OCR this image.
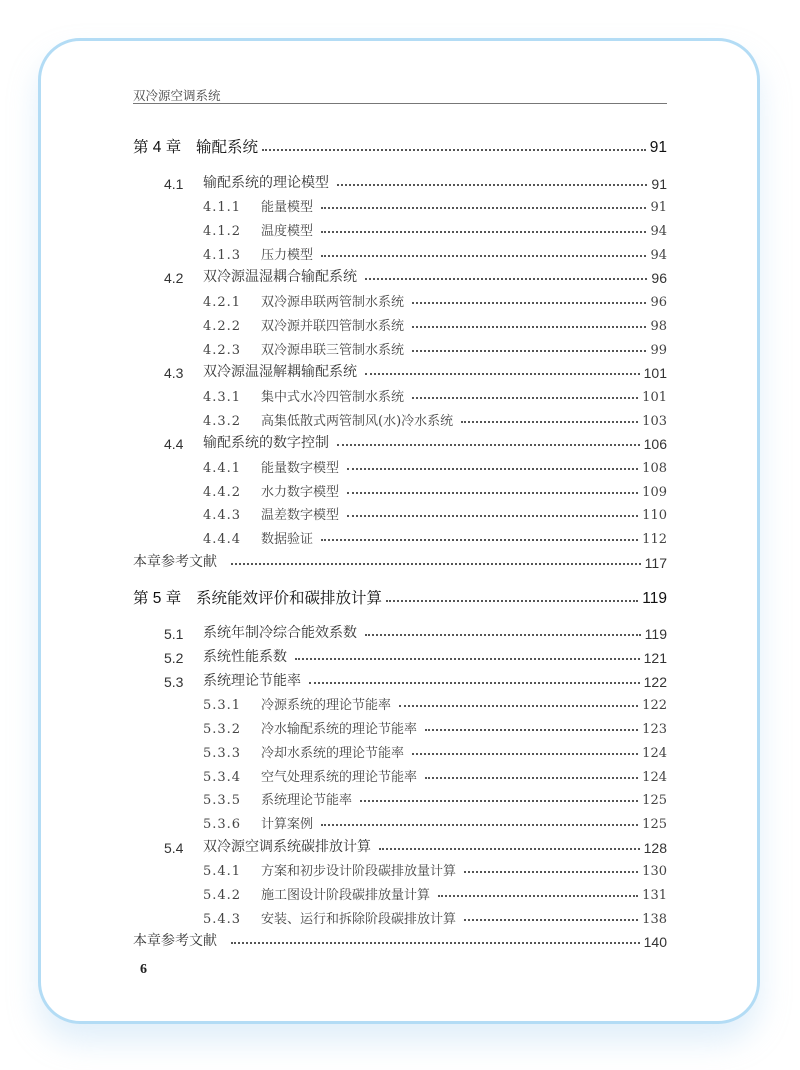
双冷源空调系统
第 4 章 输配系统	91
4.1	输配系统的理论模型	91
4.1.1	能量模型	91
4.1.2	温度模型	94
4.1.3	压力模型	94
4.2	双冷源温湿耦合输配系统	96
4.2.1	双冷源串联两管制水系统	96
4.2.2	双冷源并联四管制水系统	98
4.2.3	双冷源串联三管制水系统	99
4.3	双冷源温湿解耦输配系统	101
4.3.1	集中式水冷四管制水系统	101
4.3.2	高集低散式两管制风(水)冷水系统	103
4.4	输配系统的数字控制	106
4.4.1	能量数字模型	108
4.4.2	水力数字模型	109
4.4.3	温差数字模型	110
4.4.4	数据验证	112
本章参考文献	117
第 5 章 系统能效评价和碳排放计算	119
5.1	系统年制冷综合能效系数	119
5.2	系统性能系数	121
5.3	系统理论节能率	122
5.3.1	冷源系统的理论节能率	122
5.3.2	冷水输配系统的理论节能率	123
5.3.3	冷却水系统的理论节能率	124
5.3.4	空气处理系统的理论节能率	124
5.3.5	系统理论节能率	125
5.3.6	计算案例	125
5.4	双冷源空调系统碳排放计算	128
5.4.1	方案和初步设计阶段碳排放量计算	130
5.4.2	施工图设计阶段碳排放量计算	131
5.4.3	安装、运行和拆除阶段碳排放计算	138
本章参考文献	140
6
